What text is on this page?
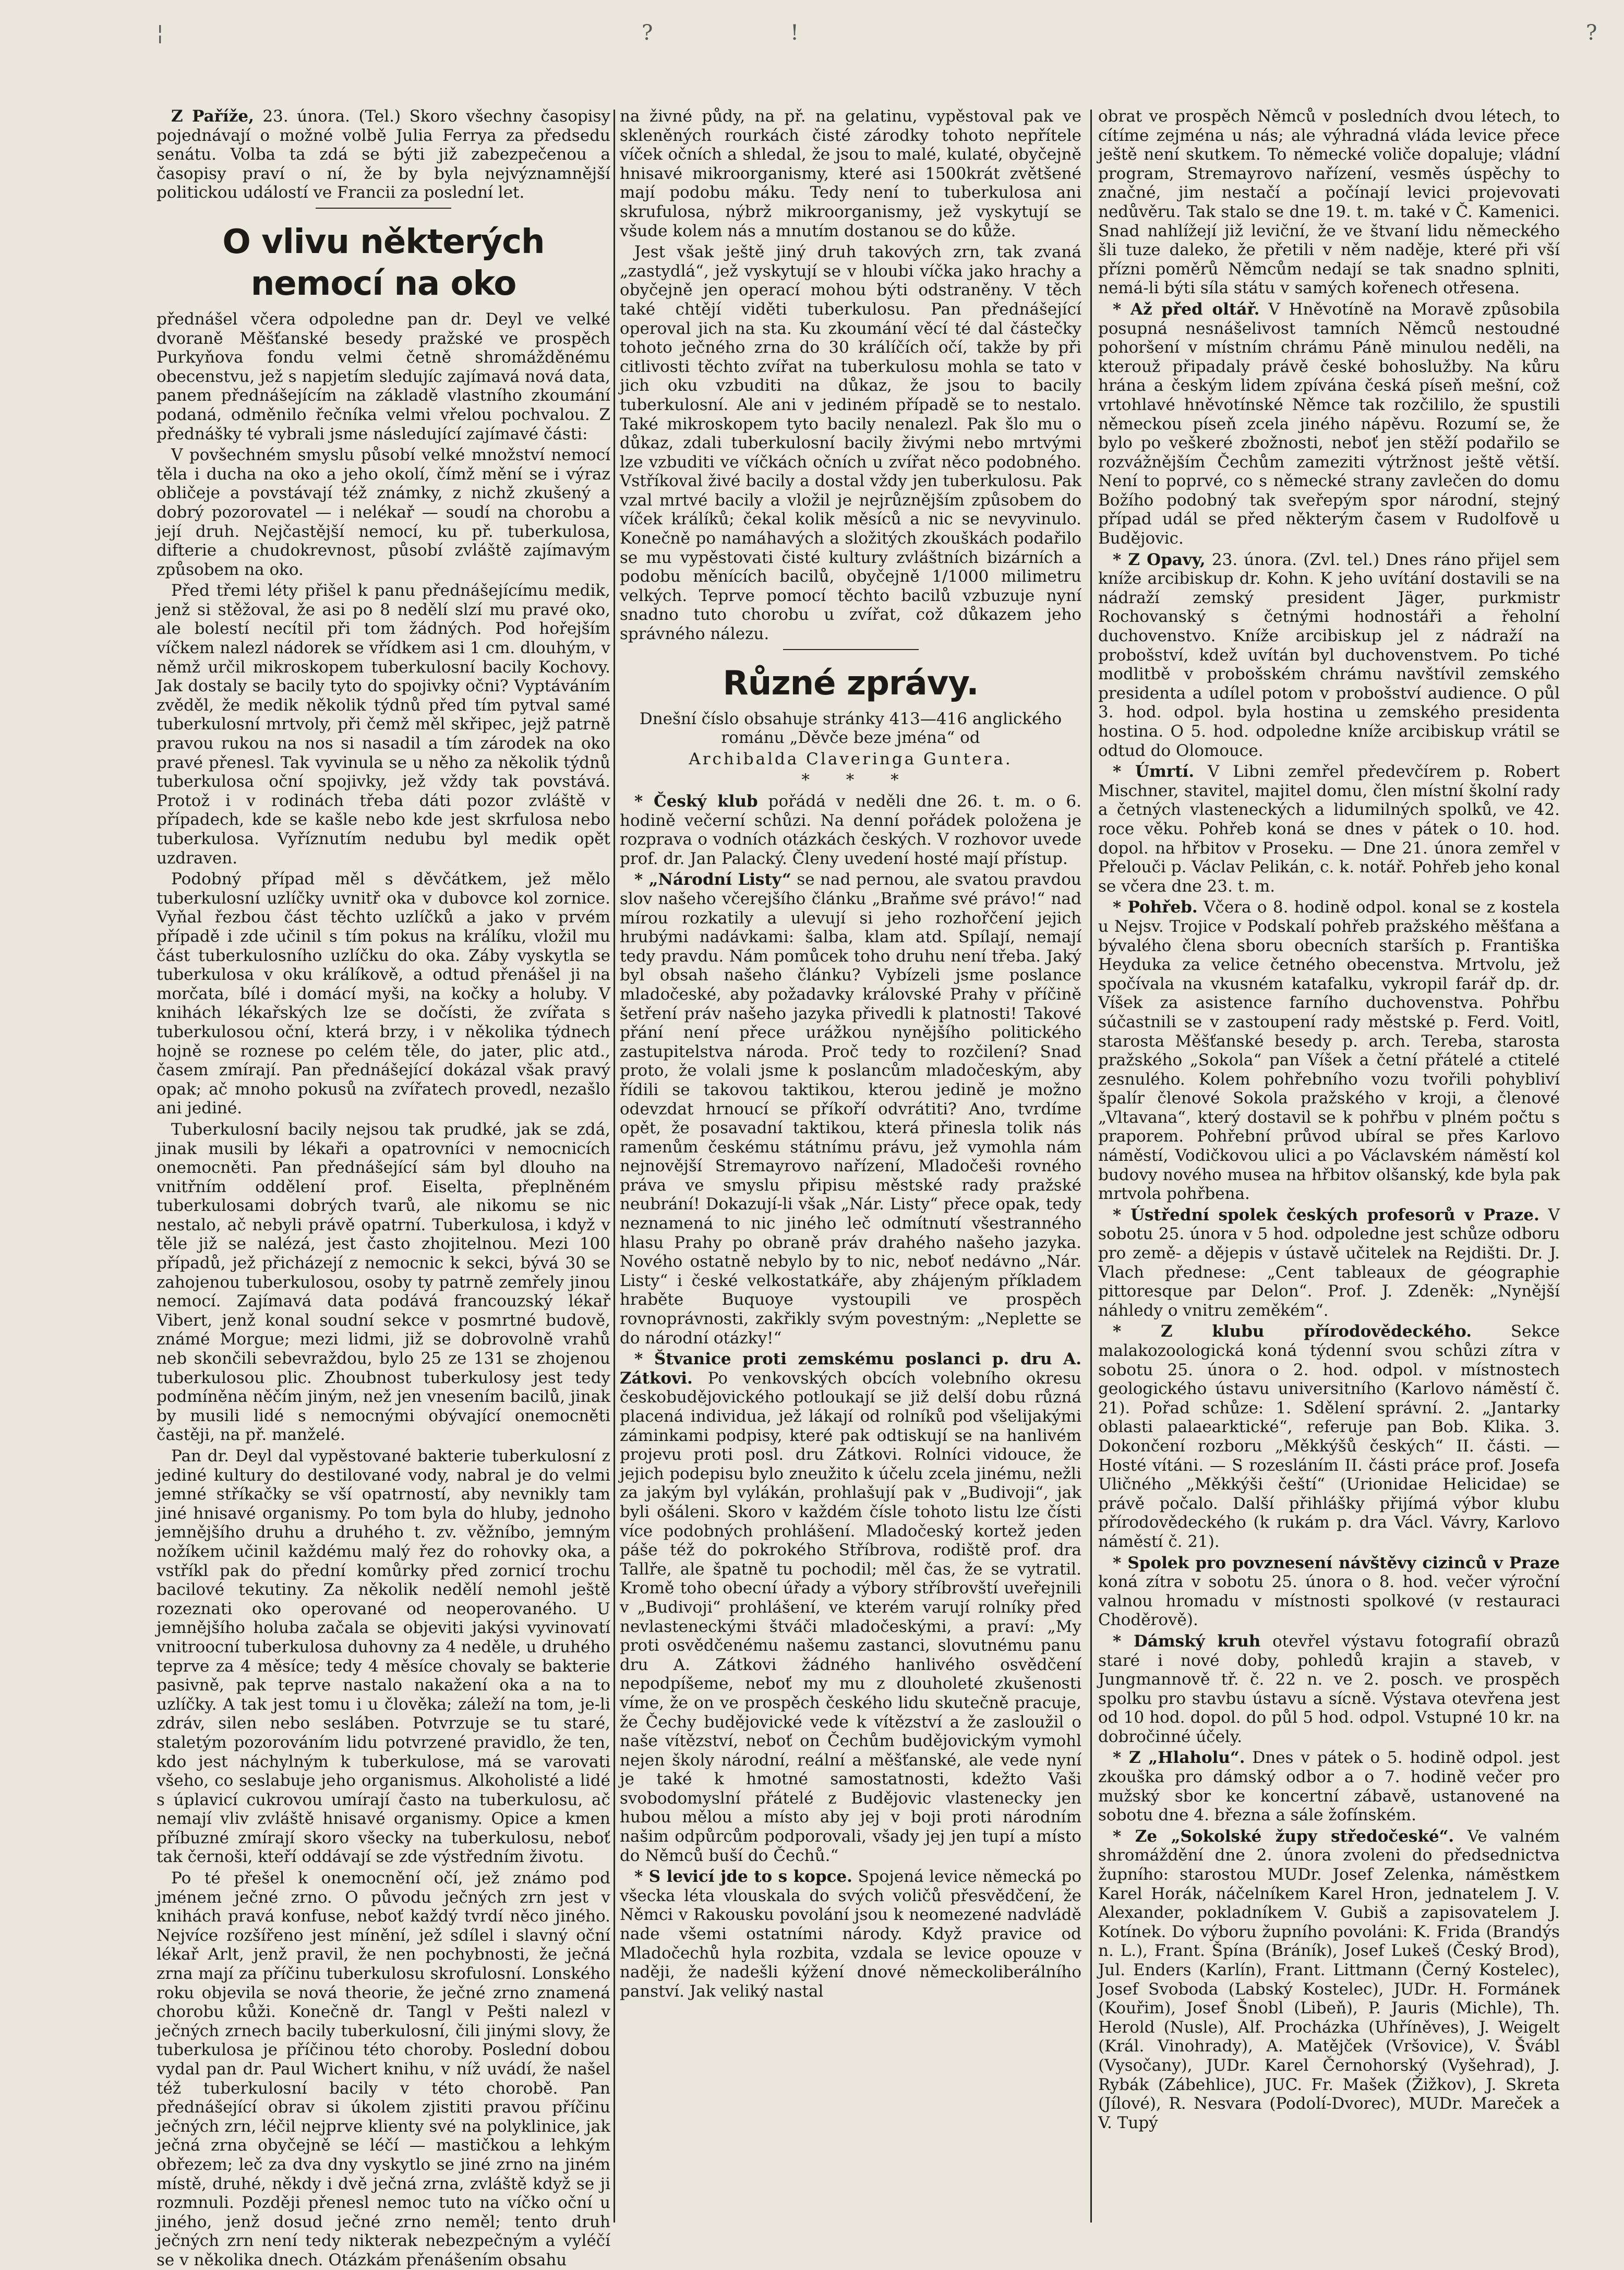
¦	?	!	?

Z Paříže, 23. února. (Tel.) Skoro všechny časopisy pojednávají o možné volbě Julia Ferrya za předsedu senátu. Volba ta zdá se býti již zabezpečenou a časopisy praví o ní, že by byla nejvýznamnější politickou událostí ve Francii za poslední let.

O vlivu některých nemocí na oko

přednášel včera odpoledne pan dr. Deyl ve velké dvoraně Měšťanské besedy pražské ve prospěch Purkyňova fondu velmi četně shromážděnému obecenstvu, jež s napjetím sledujíc zajímavá nová data, panem přednášejícím na základě vlastního zkoumání podaná, odměnilo řečníka velmi vřelou pochvalou. Z přednášky té vybrali jsme následující zajímavé části:

V povšechném smyslu působí velké množství nemocí těla i ducha na oko a jeho okolí, čímž mění se i výraz obličeje a povstávají též známky, z nichž zkušený a dobrý pozorovatel — i nelékař — soudí na chorobu a její druh. Nejčastější nemocí, ku př. tuberkulosa, difterie a chudokrevnost, působí zvláště zajímavým způsobem na oko.

Před třemi léty přišel k panu přednášejícímu medik, jenž si stěžoval, že asi po 8 nedělí slzí mu pravé oko, ale bolestí necítil při tom žádných. Pod hořejším víčkem nalezl nádorek se vřídkem asi 1 cm. dlouhým, v němž určil mikroskopem tuberkulosní bacily Kochovy. Jak dostaly se bacily tyto do spojivky očni? Vyptáváním zvěděl, že medik několik týdnů před tím pytval samé tuberkulosní mrtvoly, při čemž měl skřipec, jejž patrně pravou rukou na nos si nasadil a tím zárodek na oko pravé přenesl. Tak vyvinula se u něho za několik týdnů tuberkulosa oční spojivky, jež vždy tak povstává. Protož i v rodinách třeba dáti pozor zvláště v případech, kde se kašle nebo kde jest skrfulosa nebo tuberkulosa. Vyříznutím nedubu byl medik opět uzdraven.

Podobný případ měl s děvčátkem, jež mělo tuberkulosní uzlíčky uvnitř oka v dubovce kol zornice. Vyňal řezbou část těchto uzlíčků a jako v prvém případě i zde učinil s tím pokus na králíku, vložil mu část tuberkulosního uzlíčku do oka. Záby vyskytla se tuberkulosa v oku králíkově, a odtud přenášel ji na morčata, bílé i domácí myši, na kočky a holuby. V knihách lékařských lze se dočísti, že zvířata s tuberkulosou oční, která brzy, i v několika týdnech hojně se roznese po celém těle, do jater, plic atd., časem zmírají. Pan přednášející dokázal však pravý opak; ač mnoho pokusů na zvířatech provedl, nezašlo ani jediné.

Tuberkulosní bacily nejsou tak prudké, jak se zdá, jinak musili by lékaři a opatrovníci v nemocnicích onemocněti. Pan přednášející sám byl dlouho na vnitřním oddělení prof. Eiselta, přeplněném tuberkulosami dobrých tvarů, ale nikomu se nic nestalo, ač nebyli právě opatrní. Tuberkulosa, i když v těle již se nalézá, jest často zhojitelnou. Mezi 100 případů, jež přicházejí z nemocnic k sekci, bývá 30 se zahojenou tuberkulosou, osoby ty patrně zemřely jinou nemocí. Zajímavá data podává francouzský lékař Vibert, jenž konal soudní sekce v posmrtné budově, známé Morgue; mezi lidmi, již se dobrovolně vrahů neb skončili sebevraždou, bylo 25 ze 131 se zhojenou tuberkulosou plic. Zhoubnost tuberkulosy jest tedy podmíněna něčím jiným, než jen vnesením bacilů, jinak by musili lidé s nemocnými obývající onemocněti častěji, na př. manželé.

Pan dr. Deyl dal vypěstované bakterie tuberkulosní z jediné kultury do destilované vody, nabral je do velmi jemné stříkačky se vší opatrností, aby nevnikly tam jiné hnisavé organismy. Po tom byla do hluby, jednoho jemnějšího druhu a druhého t. zv. věžníbo, jemným nožíkem učinil každému malý řez do rohovky oka, a vstříkl pak do přední komůrky před zornicí trochu bacilové tekutiny. Za několik nedělí nemohl ještě rozeznati oko operované od neoperovaného. U jemnějšího holuba začala se objeviti jakýsi vyvinovatí vnitroocní tuberkulosa duhovny za 4 neděle, u druhého teprve za 4 měsíce; tedy 4 měsíce chovaly se bakterie pasivně, pak teprve nastalo nakažení oka a na to uzlíčky. A tak jest tomu i u člověka; záleží na tom, je-li zdráv, silen nebo sesláben. Potvrzuje se tu staré, staletým pozorováním lidu potvrzené pravidlo, že ten, kdo jest náchylným k tuberkulose, má se varovati všeho, co seslabuje jeho organismus. Alkoholisté a lidé s úplavicí cukrovou umírají často na tuberkulosu, ač nemají vliv zvláště hnisavé organismy. Opice a kmen příbuzné zmírají skoro všecky na tuberkulosu, neboť tak černoši, kteří oddávají se zde výstředním životu.

Po té přešel k onemocnění očí, jež známo pod jménem ječné zrno. O původu ječných zrn jest v knihách pravá konfuse, neboť každý tvrdí něco jiného. Nejvíce rozšířeno jest mínění, jež sdílel i slavný oční lékař Arlt, jenž pravil, že nen pochybnosti, že ječná zrna mají za příčinu tuberkulosu skrofulosní. Lonského roku objevila se nová theorie, že ječné zrno znamená chorobu kůži. Konečně dr. Tangl v Pešti nalezl v ječných zrnech bacily tuberkulosní, čili jinými slovy, že tuberkulosa je příčinou této choroby. Poslední dobou vydal pan dr. Paul Wichert knihu, v níž uvádí, že našel též tuberkulosní bacily v této chorobě. Pan přednášející obrav si úkolem zjistiti pravou příčinu ječných zrn, léčil nejprve klienty své na polyklinice, jak ječná zrna obyčejně se léčí — mastičkou a lehkým obřezem; leč za dva dny vyskytlo se jiné zrno na jiném místě, druhé, někdy i dvě ječná zrna, zvláště když se ji rozmnuli. Později přenesl nemoc tuto na víčko oční u jiného, jenž dosud ječné zrno neměl; tento druh ječných zrn není tedy nikterak nebezpečným a vyléčí se v několika dnech. Otázkám přenášením obsahu

na živné půdy, na př. na gelatinu, vypěstoval pak ve skleněných rourkách čisté zárodky tohoto nepřítele víček očních a shledal, že jsou to malé, kulaté, obyčejně hnisavé mikroorganismy, které asi 1500krát zvětšené mají podobu máku. Tedy není to tuberkulosa ani skrufulosa, nýbrž mikroorganismy, jež vyskytují se všude kolem nás a mnutím dostanou se do kůže.

Jest však ještě jiný druh takových zrn, tak zvaná „zastydlá“, jež vyskytují se v hloubi víčka jako hrachy a obyčejně jen operací mohou býti odstraněny. V těch také chtějí viděti tuberkulosu. Pan přednášející operoval jich na sta. Ku zkoumání věcí té dal částečky tohoto ječného zrna do 30 králíčích očí, takže by při citlivosti těchto zvířat na tuberkulosu mohla se tato v jich oku vzbuditi na důkaz, že jsou to bacily tuberkulosní. Ale ani v jediném případě se to nestalo. Také mikroskopem tyto bacily nenalezl. Pak šlo mu o důkaz, zdali tuberkulosní bacily živými nebo mrtvými lze vzbuditi ve víčkách očních u zvířat něco podobného. Vstříkoval živé bacily a dostal vždy jen tuberkulosu. Pak vzal mrtvé bacily a vložil je nejrůznějším způsobem do víček králíků; čekal kolik měsíců a nic se nevyvinulo. Konečně po namáhavých a složitých zkouškách podařilo se mu vypěstovati čisté kultury zvláštních bizárních a podobu měnících bacilů, obyčejně 1/1000 milimetru velkých. Teprve pomocí těchto bacilů vzbuzuje nyní snadno tuto chorobu u zvířat, což důkazem jeho správného nálezu.

Různé zprávy.

Dnešní číslo obsahuje stránky 413—416 anglického románu „Děvče beze jména“ od

Archibalda Claveringa Guntera.

* * *

* Český klub pořádá v neděli dne 26. t. m. o 6. hodině večerní schůzi. Na denní pořádek položena je rozprava o vodních otázkách českých. V rozhovor uvede prof. dr. Jan Palacký. Členy uvedení hosté mají přístup.

* „Národní Listy“ se nad pernou, ale svatou pravdou slov našeho včerejšího článku „Braňme své právo!“ nad mírou rozkatily a ulevují si jeho rozhořčení jejich hrubými nadávkami: šalba, klam atd. Spílají, nemají tedy pravdu. Nám pomůcek toho druhu není třeba. Jaký byl obsah našeho článku? Vybízeli jsme poslance mladočeské, aby požadavky královské Prahy v příčině šetření práv našeho jazyka přivedli k platnosti! Takové přání není přece urážkou nynějšího politického zastupitelstva národa. Proč tedy to rozčilení? Snad proto, že volali jsme k poslancům mladočeským, aby řídili se takovou taktikou, kterou jedině je možno odevzdat hrnoucí se příkoří odvrátiti? Ano, tvrdíme opět, že posavadní taktikou, která přinesla tolik nás ramenům českému státnímu právu, jež vymohla nám nejnovější Stremayrovo nařízení, Mladočeši rovného práva ve smyslu připisu městské rady pražské neubrání! Dokazují-li však „Nár. Listy“ přece opak, tedy neznamená to nic jiného leč odmítnutí všestranného hlasu Prahy po obraně práv drahého našeho jazyka. Nového ostatně nebylo by to nic, neboť nedávno „Nár. Listy“ i české velkostatkáře, aby zhájeným příkladem hraběte Buquoye vystoupili ve prospěch rovnoprávnosti, zakřikly svým povestným: „Neplette se do národní otázky!“

* Štvanice proti zemskému poslanci p. dru A. Zátkovi. Po venkovských obcích volebního okresu českobudějovického potloukají se již delší dobu různá placená individua, jež lákají od rolníků pod všelijakými záminkami podpisy, které pak odtiskují se na hanlivém projevu proti posl. dru Zátkovi. Rolníci vidouce, že jejich podepisu bylo zneužito k účelu zcela jinému, nežli za jakým byl vylákán, prohlašují pak v „Budivoji“, jak byli ošáleni. Skoro v každém čísle tohoto listu lze čísti více podobných prohlášení. Mladočeský kortež jeden páše též do pokrokého Stříbrova, rodiště prof. dra Tallře, ale špatně tu pochodil; měl čas, že se vytratil. Kromě toho obecní úřady a výbory stříbrovští uveřejnili v „Budivoji“ prohlášení, ve kterém varují rolníky před nevlasteneckými štváči mladočeskými, a praví: „My proti osvědčenému našemu zastanci, slovutnému panu dru A. Zátkovi žádného hanlivého osvědčení nepodpíšeme, neboť my mu z dlouholeté zkušenosti víme, že on ve prospěch českého lidu skutečně pracuje, že Čechy budějovické vede k vítězství a že zasloužil o naše vítězství, neboť on Čechům budějovickým vymohl nejen školy národní, reální a měšťanské, ale vede nyní je také k hmotné samostatnosti, kdežto Vaši svobodomyslní přátelé z Budějovic vlastenecky jen hubou mělou a místo aby jej v boji proti národním našim odpůrcům podporovali, všady jej jen tupí a místo do Němců buší do Čechů.“

* S levicí jde to s kopce. Spojená levice německá po všecka léta vlouskala do svých voličů přesvědčení, že Němci v Rakousku povolání jsou k neomezené nadvládě nade všemi ostatními národy. Když pravice od Mladočechů hyla rozbita, vzdala se levice opouze v naději, že nadešli kýžení dnové německoliberálního panství. Jak veliký nastal

obrat ve prospěch Němců v posledních dvou létech, to cítíme zejména u nás; ale výhradná vláda levice přece ještě není skutkem. To německé voliče dopaluje; vládní program, Stremayrovo nařízení, vesměs úspěchy to značné, jim nestačí a počínají levici projevovati nedůvěru. Tak stalo se dne 19. t. m. také v Č. Kamenici. Snad nahlížejí již leviční, že ve štvaní lidu německého šli tuze daleko, že přetili v něm naděje, které při vší přízni poměrů Němcům nedají se tak snadno splniti, nemá-li býti síla státu v samých kořenech otřesena.

* Až před oltář. V Hněvotíně na Moravě způsobila posupná nesnášelivost tamních Němců nestoudné pohoršení v místním chrámu Páně minulou neděli, na kterouž připadaly právě české bohoslužby. Na kůru hrána a českým lidem zpívána česká píseň mešní, což vrtohlavé hněvotínské Němce tak rozčililo, že spustili německou píseň zcela jiného nápěvu. Rozumí se, že bylo po veškeré zbožnosti, neboť jen stěží podařilo se rozvážnějším Čechům zameziti výtržnost ještě větší. Není to poprvé, co s německé strany zavlečen do domu Božího podobný tak sveřepým spor národní, stejný případ udál se před některým časem v Rudolfově u Budějovic.

* Z Opavy, 23. února. (Zvl. tel.) Dnes ráno přijel sem kníže arcibiskup dr. Kohn. K jeho uvítání dostavili se na nádraží zemský president Jäger, purkmistr Rochovanský s četnými hodnostáři a řeholní duchovenstvo. Kníže arcibiskup jel z nádraží na probošství, kdež uvítán byl duchovenstvem. Po tiché modlitbě v probošském chrámu navštívil zemského presidenta a udílel potom v probošství audience. O půl 3. hod. odpol. byla hostina u zemského presidenta hostina. O 5. hod. odpoledne kníže arcibiskup vrátil se odtud do Olomouce.

* Úmrtí. V Libni zemřel předevčírem p. Robert Mischner, stavitel, majitel domu, člen místní školní rady a četných vlasteneckých a lidumilných spolků, ve 42. roce věku. Pohřeb koná se dnes v pátek o 10. hod. dopol. na hřbitov v Proseku. — Dne 21. února zemřel v Přelouči p. Václav Pelikán, c. k. notář. Pohřeb jeho konal se včera dne 23. t. m.

* Pohřeb. Včera o 8. hodině odpol. konal se z kostela u Nejsv. Trojice v Podskalí pohřeb pražského měšťana a bývalého člena sboru obecních starších p. Františka Heyduka za velice četného obecenstva. Mrtvolu, jež spočívala na vkusném katafalku, vykropil farář dp. dr. Víšek za asistence farního duchovenstva. Pohřbu súčastnili se v zastoupení rady městské p. Ferd. Voitl, starosta Měšťanské besedy p. arch. Tereba, starosta pražského „Sokola“ pan Víšek a četní přátelé a ctitelé zesnulého. Kolem pohřebního vozu tvořili pohybliví špalír členové Sokola pražského v kroji, a členové „Vltavana“, který dostavil se k pohřbu v plném počtu s praporem. Pohřební průvod ubíral se přes Karlovo náměstí, Vodičkovou ulici a po Václavském náměstí kol budovy nového musea na hřbitov olšanský, kde byla pak mrtvola pohřbena.

* Ústřední spolek českých profesorů v Praze. V sobotu 25. února v 5 hod. odpoledne jest schůze odboru pro země- a dějepis v ústavě učitelek na Rejdišti. Dr. J. Vlach přednese: „Cent tableaux de géographie pittoresque par Delon“. Prof. J. Zdeněk: „Nynější náhledy o vnitru zeměkém“.

* Z klubu přírodovědeckého. Sekce malakozoologická koná týdenní svou schůzi zítra v sobotu 25. února o 2. hod. odpol. v místnostech geologického ústavu universitního (Karlovo náměstí č. 21). Pořad schůze: 1. Sdělení správní. 2. „Jantarky oblasti palaearktické“, referuje pan Bob. Klika. 3. Dokončení rozboru „Měkkýšů českých“ II. části. — Hosté vítáni. — S rozesláním II. části práce prof. Josefa Uličného „Měkkýši čeští“ (Urionidae Helicidae) se právě počalo. Další přihlášky přijímá výbor klubu přírodovědeckého (k rukám p. dra Václ. Vávry, Karlovo náměstí č. 21).

* Spolek pro povznesení návštěvy cizinců v Praze koná zítra v sobotu 25. února o 8. hod. večer výroční valnou hromadu v místnosti spolkové (v restauraci Choděrově).

* Dámský kruh otevřel výstavu fotografií obrazů staré i nové doby, pohledů krajin a staveb, v Jungmannově tř. č. 22 n. ve 2. posch. ve prospěch spolku pro stavbu ústavu a sícně. Výstava otevřena jest od 10 hod. dopol. do půl 5 hod. odpol. Vstupné 10 kr. na dobročinné účely.

* Z „Hlaholu“. Dnes v pátek o 5. hodině odpol. jest zkouška pro dámský odbor a o 7. hodině večer pro mužský sbor ke koncertní zábavě, ustanovené na sobotu dne 4. března a sále žofínském.

* Ze „Sokolské župy středočeské“. Ve valném shromáždění dne 2. února zvoleni do předsednictva župního: starostou MUDr. Josef Zelenka, náměstkem Karel Horák, náčelníkem Karel Hron, jednatelem J. V. Alexander, pokladníkem V. Gubiš a zapisovatelem J. Kotínek. Do výboru župního povoláni: K. Frida (Brandýs n. L.), Frant. Špína (Bráník), Josef Lukeš (Český Brod), Jul. Enders (Karlín), Frant. Littmann (Černý Kostelec), Josef Svoboda (Labský Kostelec), JUDr. H. Formánek (Kouřim), Josef Šnobl (Libeň), P. Jauris (Michle), Th. Herold (Nusle), Alf. Procházka (Uhříněves), J. Weigelt (Král. Vinohrady), A. Matějček (Vršovice), V. Švábl (Vysočany), JUDr. Karel Černohorský (Vyšehrad), J. Rybák (Zábehlice), JUC. Fr. Mašek (Žižkov), J. Skreta (Jílové), R. Nesvara (Podolí-Dvorec), MUDr. Mareček a V. Tupý
